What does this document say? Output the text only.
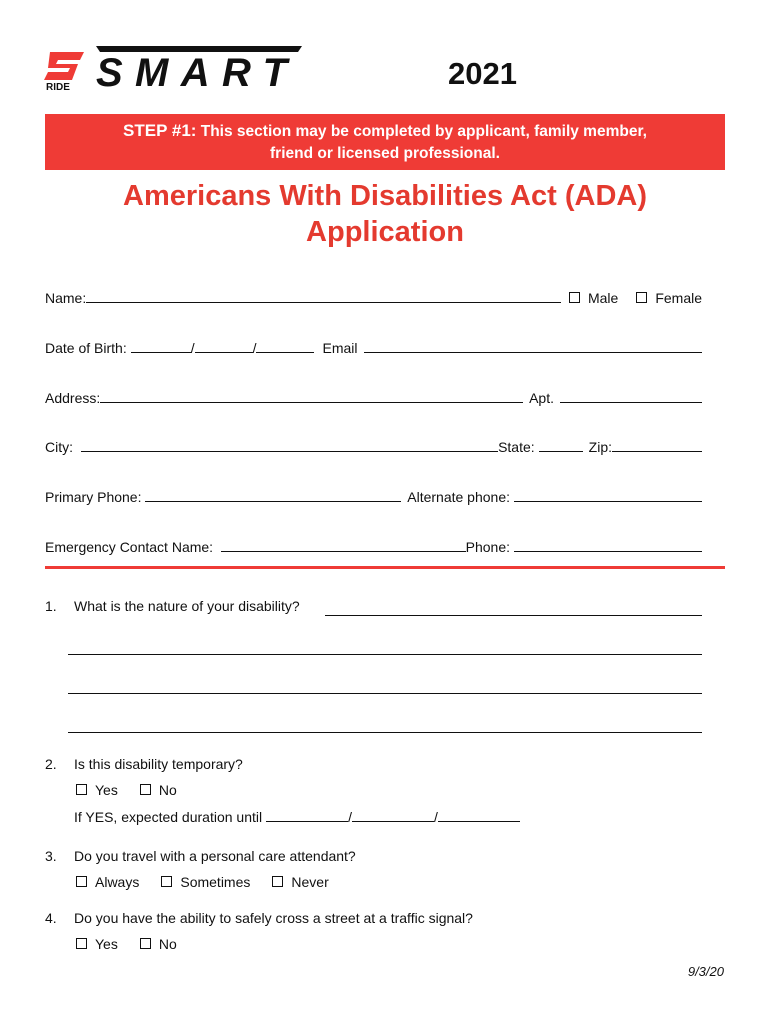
RIDE SMART	2021
STEP #1: This section may be completed by applicant, family member,
friend or licensed professional.
Americans With Disabilities Act (ADA)
Application
Name:	Male	Female
Date of Birth:	/	/	Email
Address:	Apt.
City:	State:	Zip:
Primary Phone:	Alternate phone:
Emergency Contact Name:	Phone:
1. What is the nature of your disability?
2. Is this disability temporary?
Yes	No
If YES, expected duration until	/	/
3. Do you travel with a personal care attendant?
Always	Sometimes	Never
4. Do you have the ability to safely cross a street at a traffic signal?
Yes	No
9/3/20
